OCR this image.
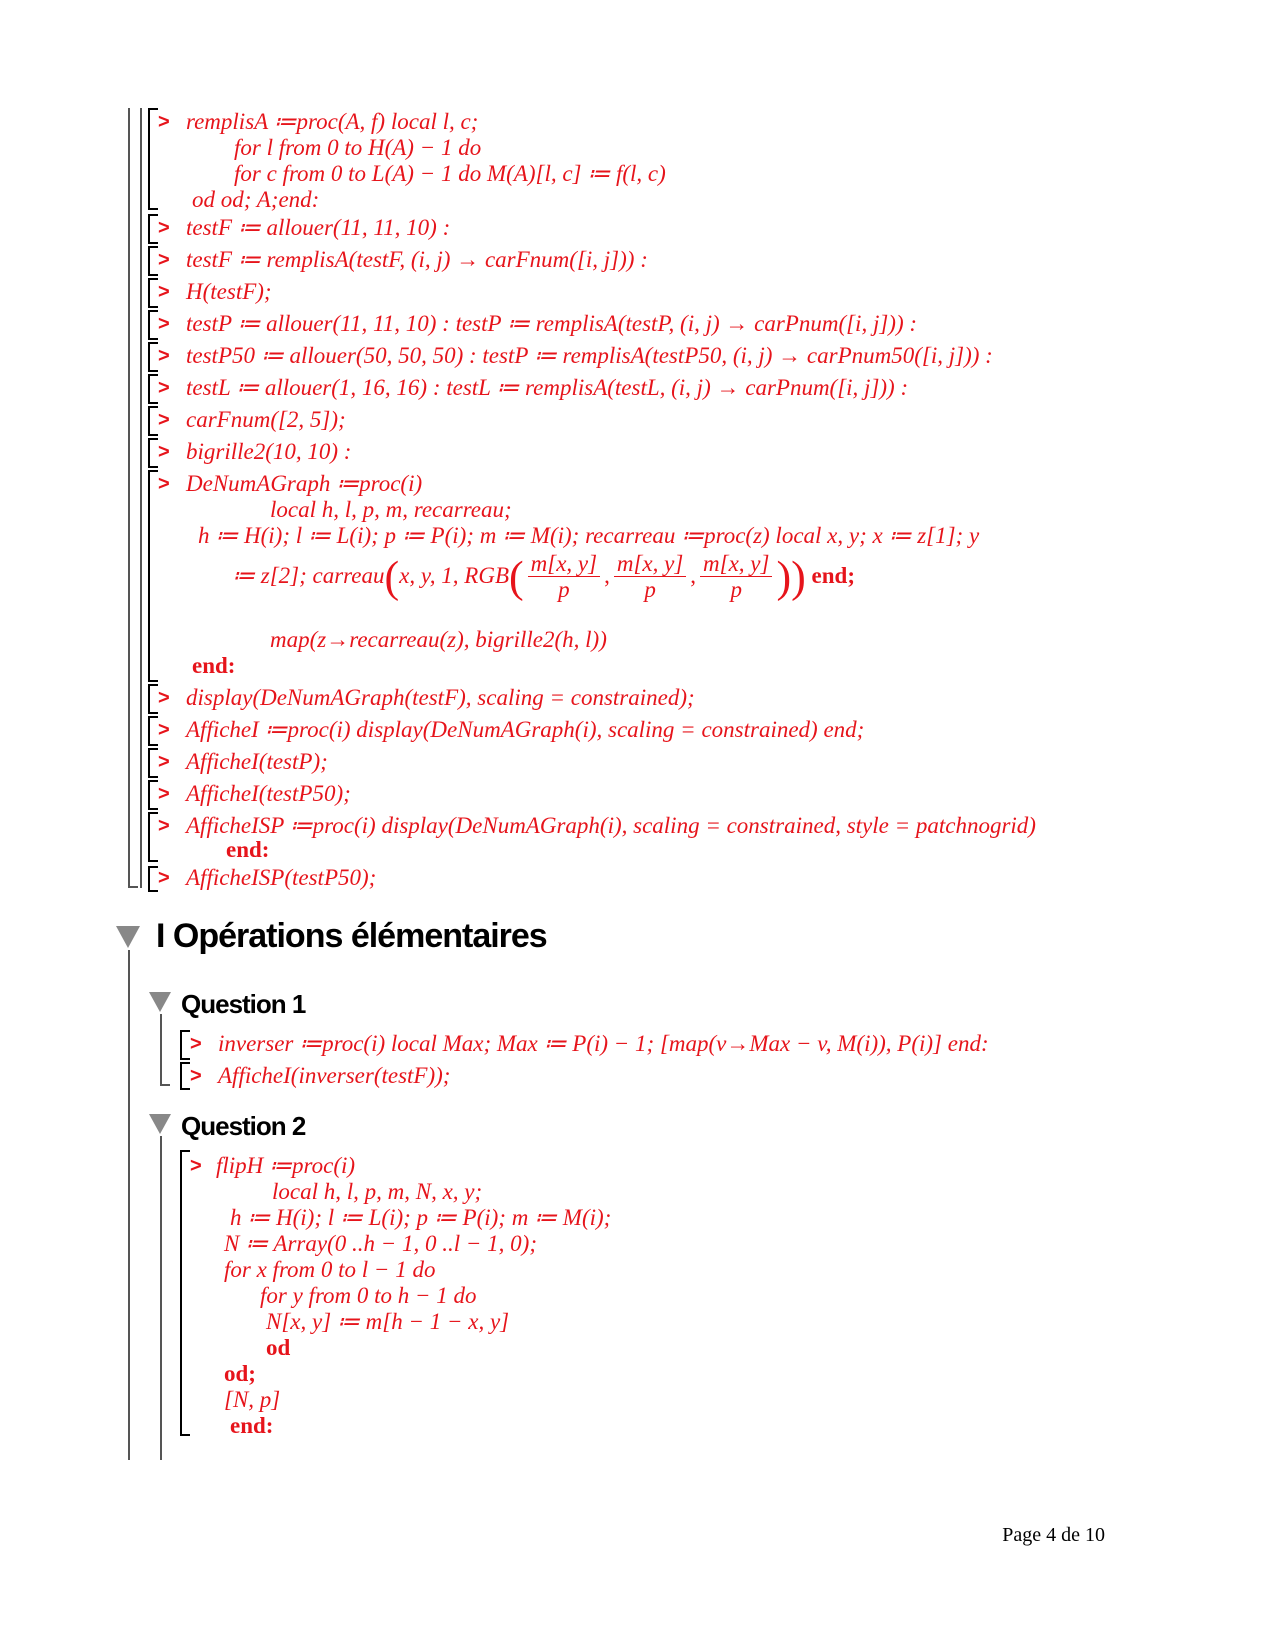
> remplisA ≔proc(A, f) local l, c;
for l from 0 to H(A) − 1 do
for c from 0 to L(A) − 1 do M(A)[l, c] ≔ f(l, c)
od od; A;end:
> testF ≔ allouer(11, 11, 10) :
> testF ≔ remplisA(testF, (i, j) → carFnum([i, j])) :
> H(testF);
> testP ≔ allouer(11, 11, 10) : testP ≔ remplisA(testP, (i, j) → carPnum([i, j])) :
> testP50 ≔ allouer(50, 50, 50) : testP ≔ remplisA(testP50, (i, j) → carPnum50([i, j])) :
> testL ≔ allouer(1, 16, 16) : testL ≔ remplisA(testL, (i, j) → carPnum([i, j])) :
> carFnum([2, 5]);
> bigrille2(10, 10) :
> DeNumAGraph ≔proc(i)
local h, l, p, m, recarreau;
h ≔ H(i); l ≔ L(i); p ≔ P(i); m ≔ M(i); recarreau ≔proc(z) local x, y; x ≔ z[1]; y
≔ z[2]; carreau(x, y, 1, $RGB( \frac{m[x, y]}{p}$ , $\frac{m[x, y]}{p}$ , $\frac{m[x, y]}{p}$ )) end;
map(z→recarreau(z), bigrille2(h, l))
end:
> display(DeNumAGraph(testF), scaling = constrained);
> AfficheI ≔proc(i) display(DeNumAGraph(i), scaling = constrained) end;
> AfficheI(testP);
> AfficheI(testP50);
> AfficheISP ≔proc(i) display(DeNumAGraph(i), scaling = constrained, style = patchnogrid)
end:
> AfficheISP(testP50);
I Opérations élémentaires
Question 1
> inverser ≔proc(i) local Max; Max ≔ P(i) − 1; [map(v→Max − v, M(i)), P(i)] end:
> AfficheI(inverser(testF));
Question 2
> flipH ≔proc(i)
local h, l, p, m, N, x, y;
h ≔ H(i); l ≔ L(i); p ≔ P(i); m ≔ M(i);
N ≔ Array(0 ..h − 1, 0 ..l − 1, 0);
for x from 0 to l − 1 do
for y from 0 to h − 1 do
N[x, y] ≔ m[h − 1 − x, y]
od
od;
[N, p]
end:
Page 4 de 10
